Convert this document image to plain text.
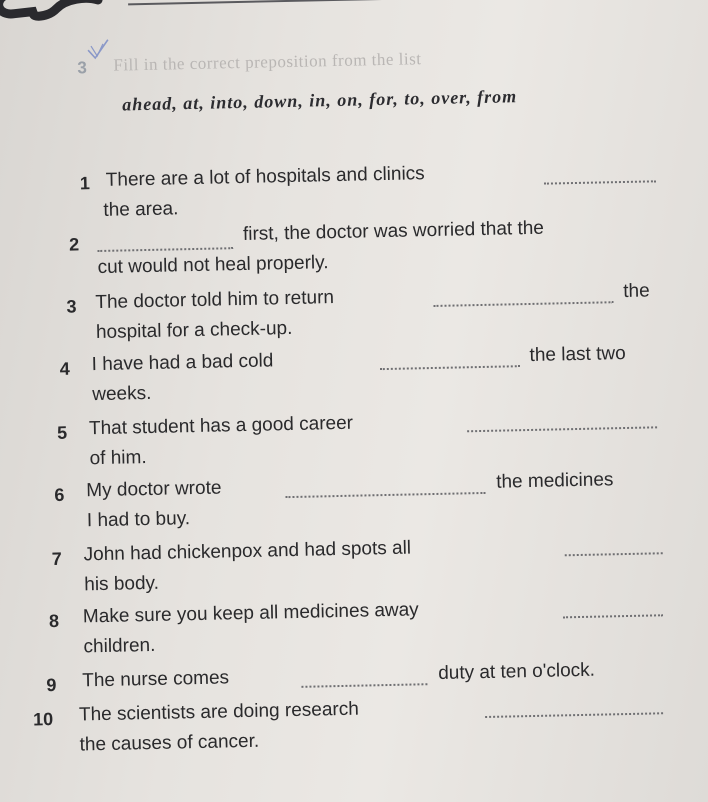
3 Fill in the correct preposition from the list
ahead, at, into, down, in, on, for, to, over, from
1 There are a lot of hospitals and clinics
the area.
2	first, the doctor was worried that the
cut would not heal properly.
3 The doctor told him to return	the
hospital for a check-up.
4 I have had a bad cold	the last two
weeks.
5 That student has a good career
of him.
6 My doctor wrote	the medicines
I had to buy.
7 John had chickenpox and had spots all
his body.
8 Make sure you keep all medicines away
children.
9 The nurse comes	duty at ten o'clock.
10 The scientists are doing research
the causes of cancer.
